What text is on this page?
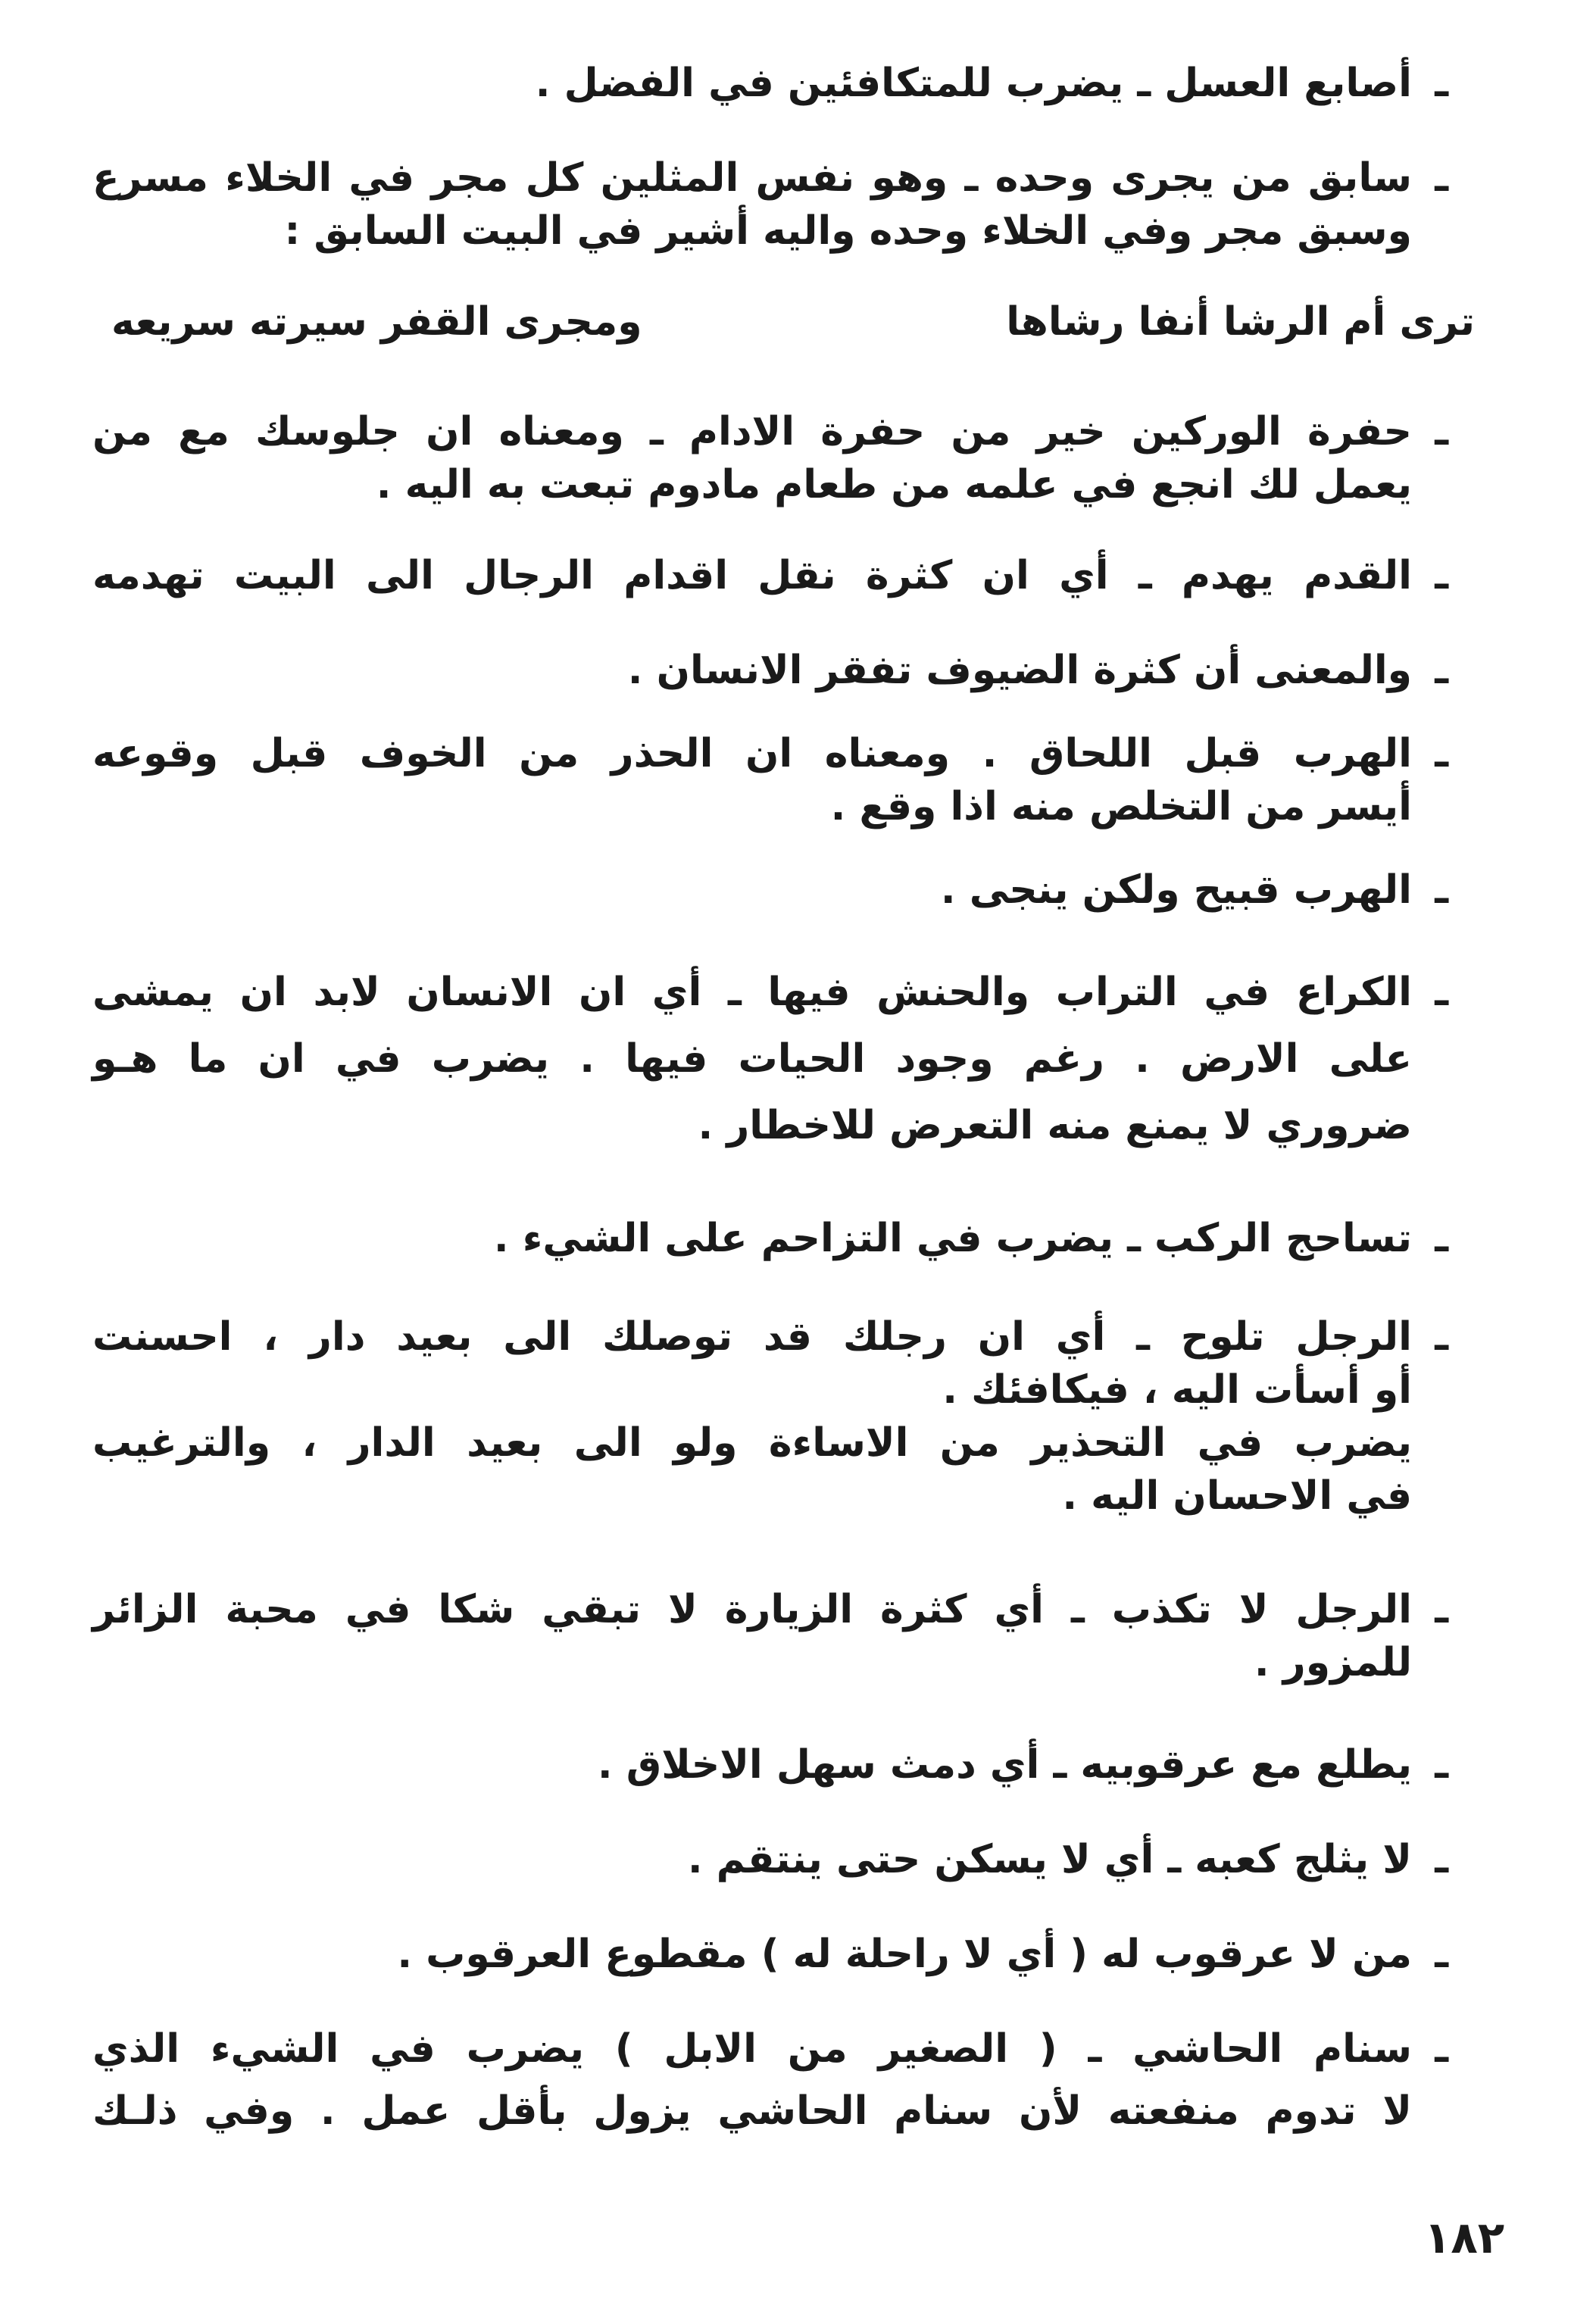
ـأصابع العسل ـ يضرب للمتكافئين في الفضل .
ـسابق من يجرى وحده ـ وهو نفس المثلين كل مجر في الخلاء مسرع
وسبق مجر وفي الخلاء وحده واليه أشير في البيت السابق :
ترى أم الرشا أنفا رشاها
ومجرى القفر سيرته سريعه
ـحفرة الوركين خير من حفرة الادام ـ ومعناه ان جلوسك مع من
يعمل لك انجع في علمه من طعام مادوم تبعت به اليه .
ـالقدم يهدم ـ أي ان كثرة نقل اقدام الرجال الى البيت تهدمه
ـوالمعنى أن كثرة الضيوف تفقر الانسان .
ـالهرب قبل اللحاق . ومعناه ان الحذر من الخوف قبل وقوعه
أيسر من التخلص منه اذا وقع .
ـالهرب قبيح ولكن ينجى .
ـالكراع في التراب والحنش فيها ـ أي ان الانسان لابد ان يمشى
على الارض . رغم وجود الحيات فيها . يضرب في ان ما هـو
ضروري لا يمنع منه التعرض للاخطار .
ـتساحج الركب ـ يضرب في التزاحم على الشيء .
ـالرجل تلوح ـ أي ان رجلك قد توصلك الى بعيد دار ، احسنت
أو أسأت اليه ، فيكافئك .
يضرب في التحذير من الاساءة ولو الى بعيد الدار ، والترغيب
في الاحسان اليه .
ـالرجل لا تكذب ـ أي كثرة الزيارة لا تبقي شكا في محبة الزائر
للمزور .
ـيطلع مع عرقوبيه ـ أي دمث سهل الاخلاق .
ـلا يثلج كعبه ـ أي لا يسكن حتى ينتقم .
ـمن لا عرقوب له ( أي لا راحلة له ) مقطوع العرقوب .
ـسنام الحاشي ـ ( الصغير من الابل ) يضرب في الشيء الذي
لا تدوم منفعته لأن سنام الحاشي يزول بأقل عمل . وفي ذلـك
١٨٢
